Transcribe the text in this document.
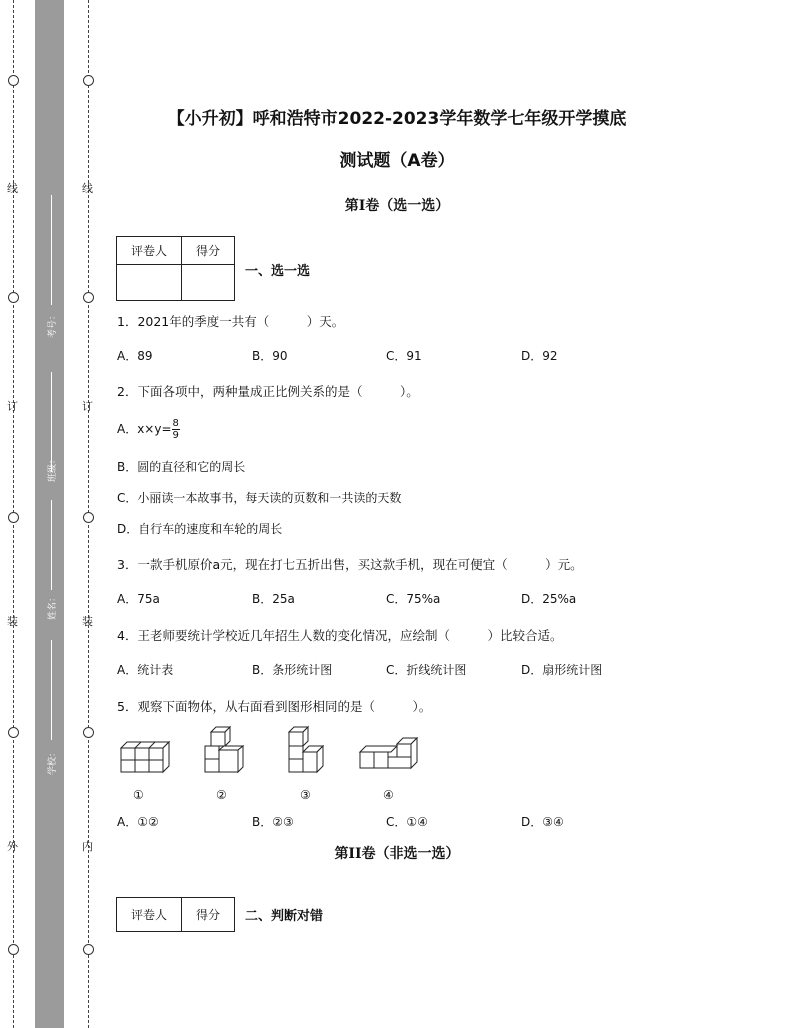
线
订
装
外
线
订
装
内
考号：
班级：
姓名：
学校：
【小升初】呼和浩特市2022-2023学年数学七年级开学摸底
测试题（A卷）
第I卷（选一选）
评卷人	得分

一、选一选
1．2021年的季度一共有（　　　）天。
A．89	B．90	C．91	D．92
2．下面各项中，两种量成正比例关系的是（　　　）。
A．$x\times y= \frac{8}{9}$
B．圆的直径和它的周长
C．小丽读一本故事书，每天读的页数和一共读的天数
D．自行车的速度和车轮的周长
3．一款手机原价a元，现在打七五折出售，买这款手机，现在可便宜（　　　）元。
A．75a	B．25a	C．75%a	D．25%a
4．王老师要统计学校近几年招生人数的变化情况，应绘制（　　　）比较合适。
A．统计表	B．条形统计图	C．折线统计图	D．扇形统计图
5．观察下面物体，从右面看到图形相同的是（　　　）。
①	②	③	④
A．①②	B．②③	C．①④	D．③④
第II卷（非选一选）
评卷人	得分 二、判断对错
